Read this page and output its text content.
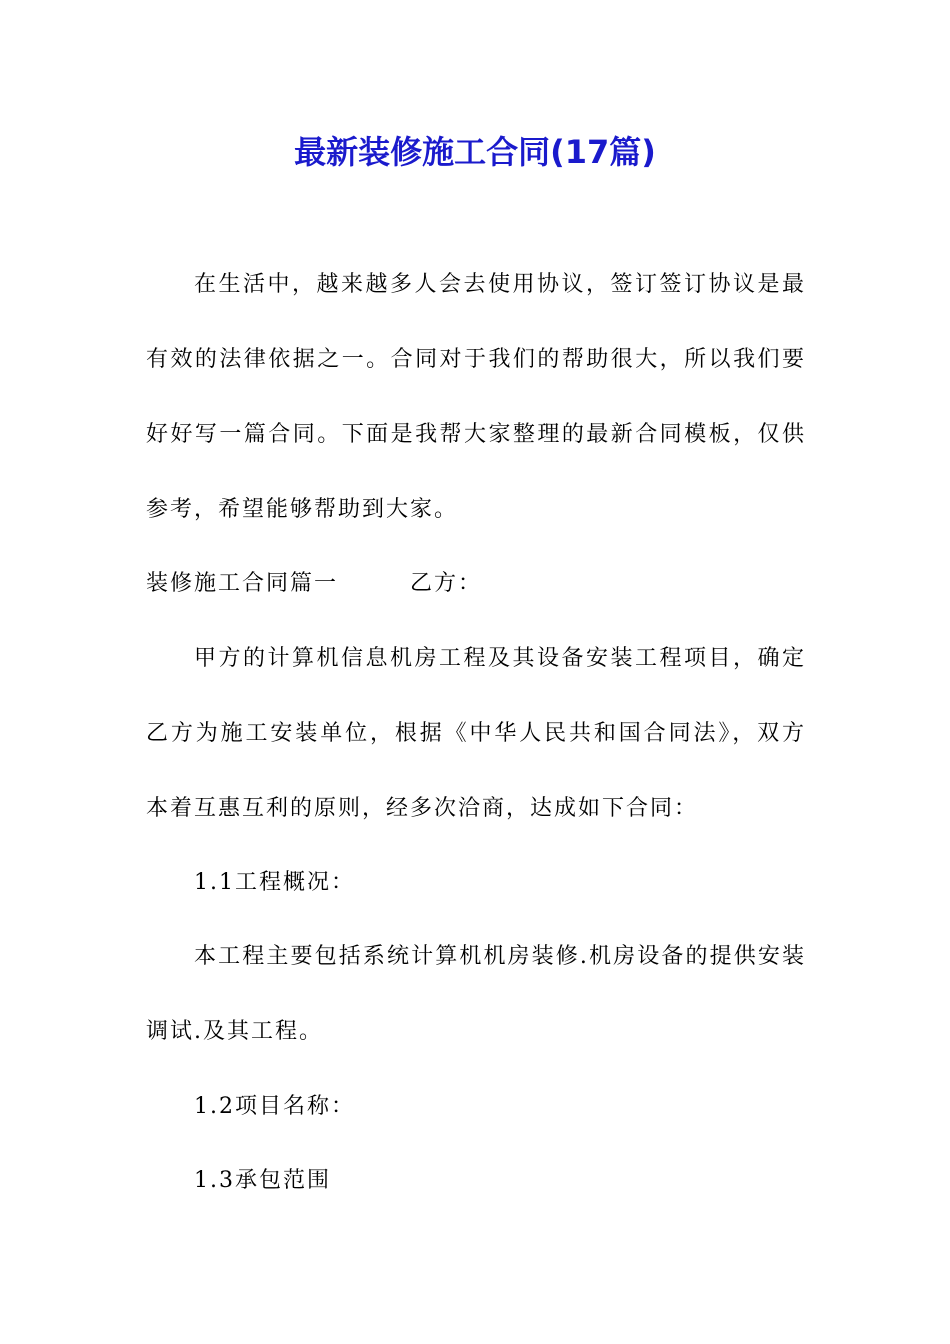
最新装修施工合同(17篇)
在生活中，越来越多人会去使用协议，签订签订协议是最
有效的法律依据之一。合同对于我们的帮助很大，所以我们要
好好写一篇合同。下面是我帮大家整理的最新合同模板，仅供
参考，希望能够帮助到大家。
装修施工合同篇一　　　乙方：
甲方的计算机信息机房工程及其设备安装工程项目，确定
乙方为施工安装单位，根据《中华人民共和国合同法》，双方
本着互惠互利的原则，经多次洽商，达成如下合同：
1.1工程概况：
本工程主要包括系统计算机机房装修.机房设备的提供安装
调试.及其工程。
1.2项目名称：
1.3承包范围
